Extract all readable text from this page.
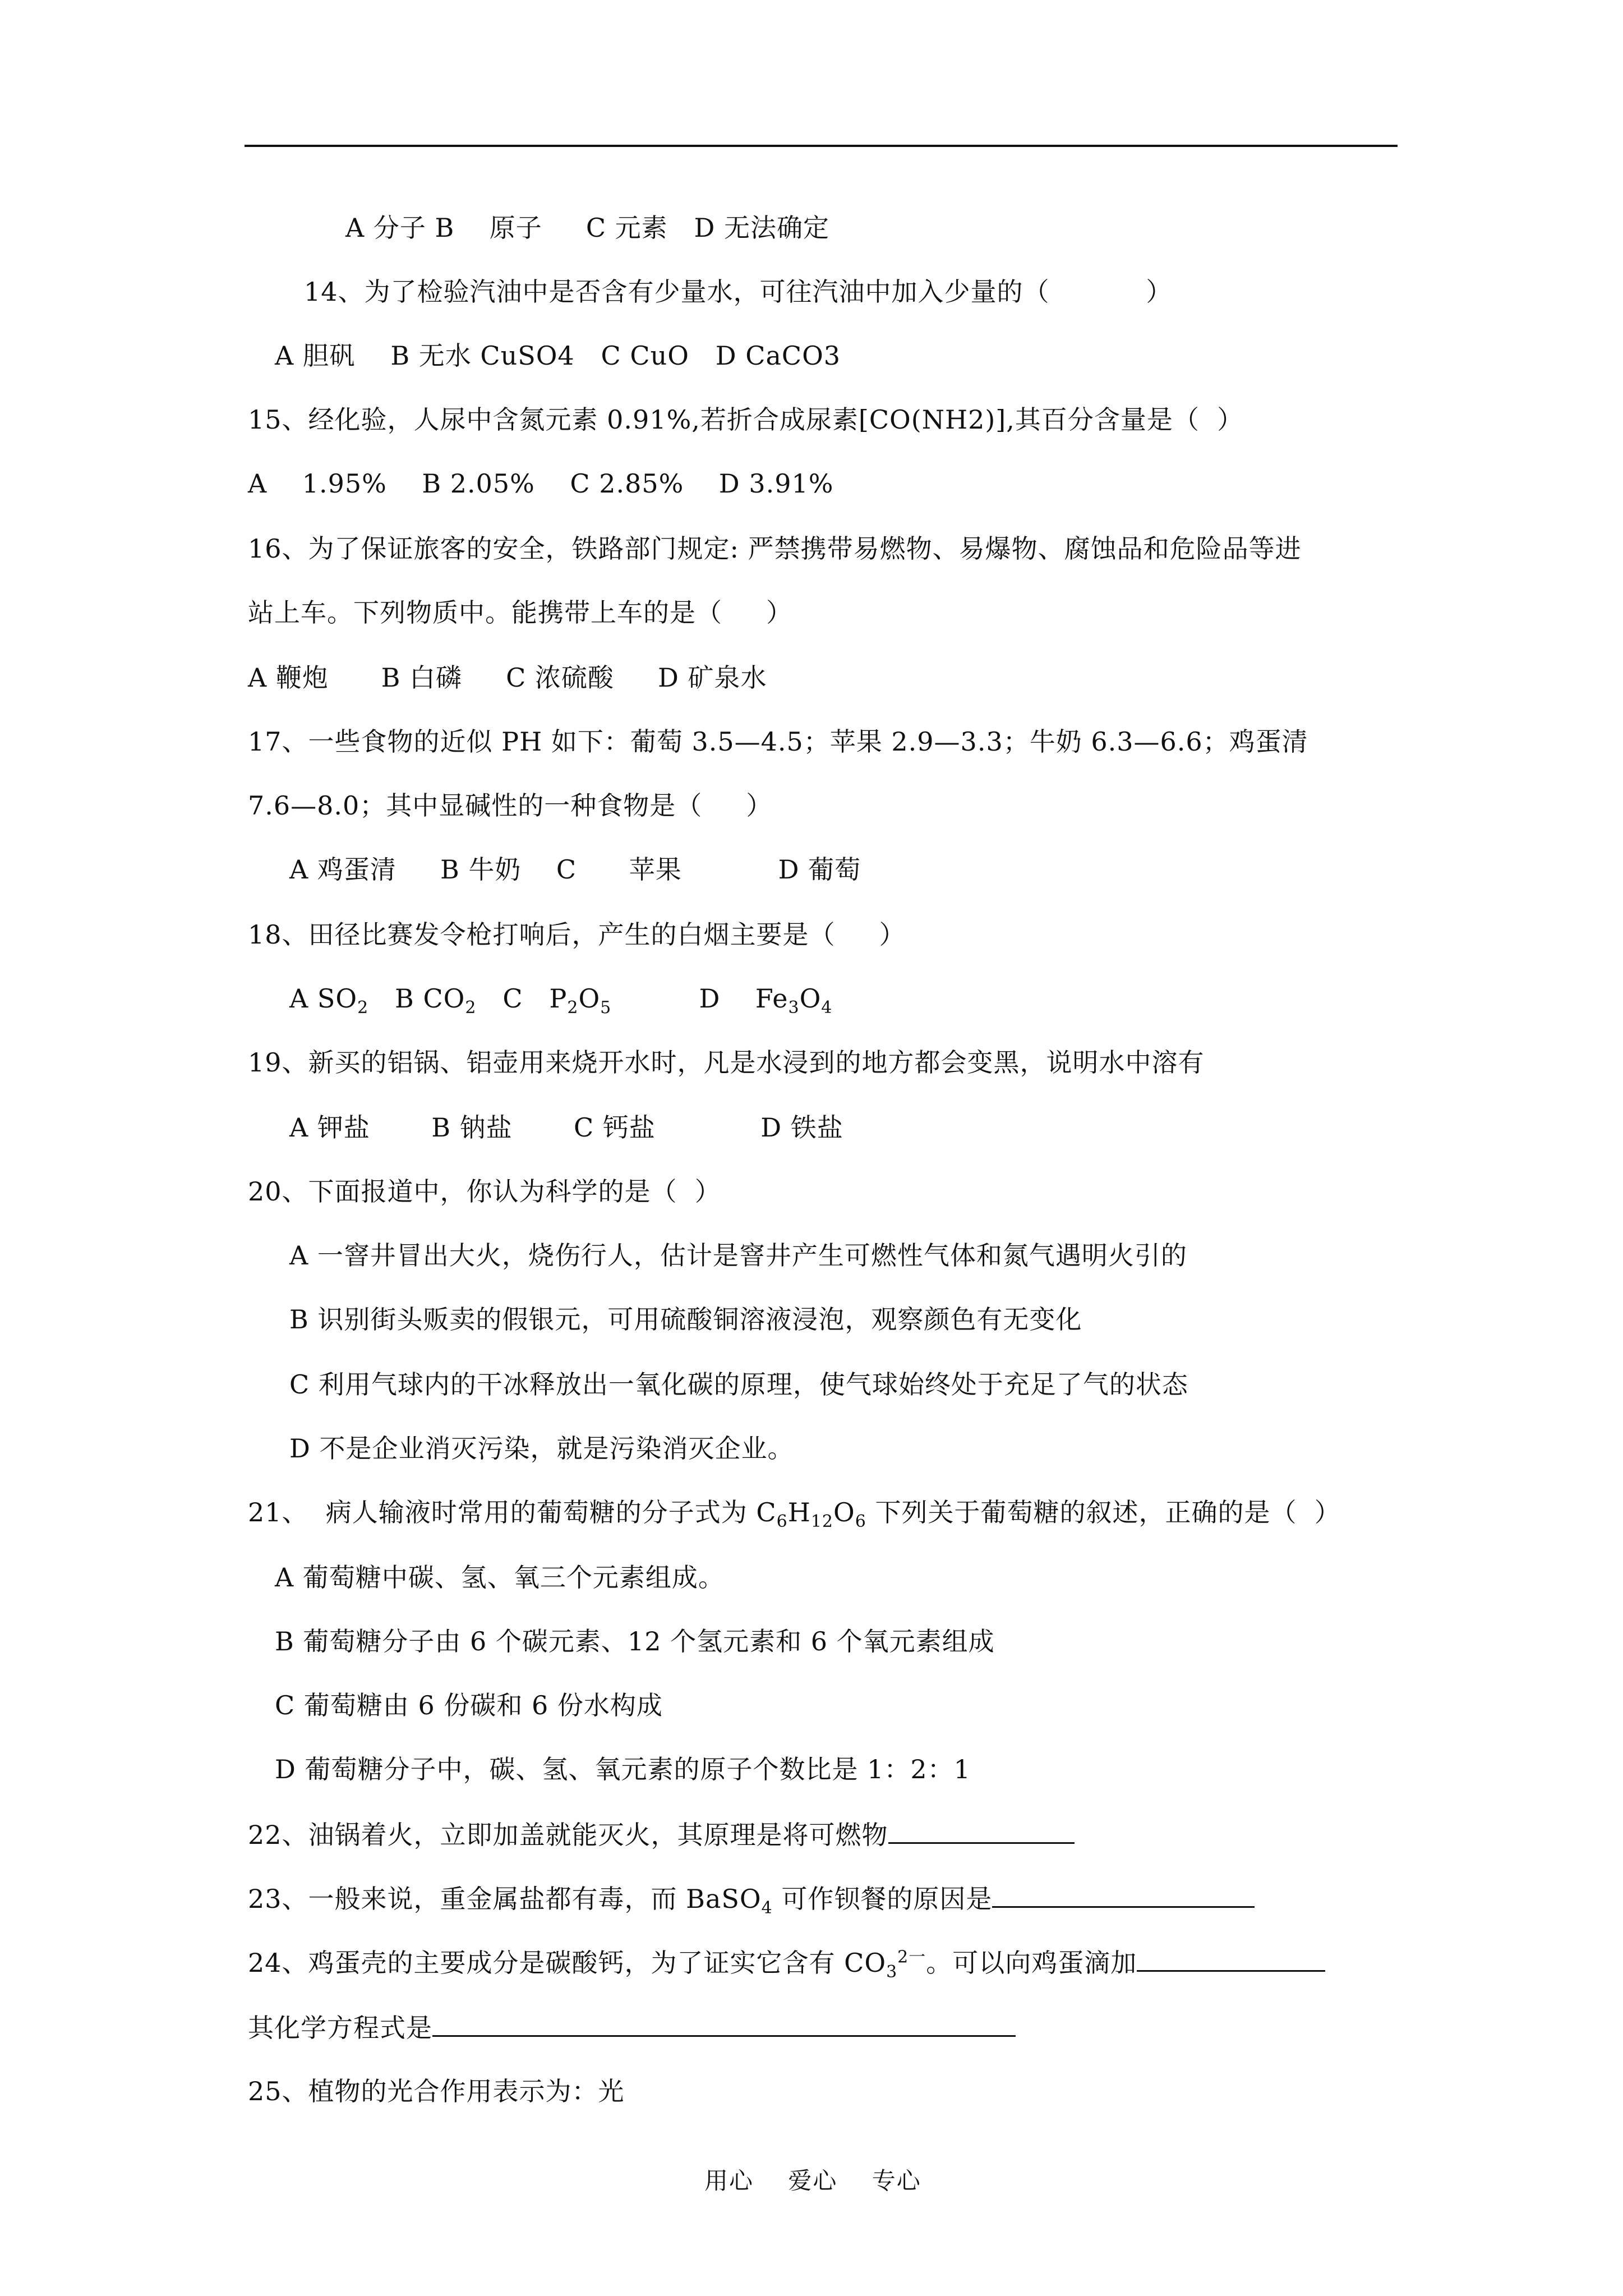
A 分子 B    原子     C 元素   D 无法确定
14、为了检验汽油中是否含有少量水，可往汽油中加入少量的（           ）
A 胆矾    B 无水 CuSO4   C CuO   D CaCO3
15、经化验，人尿中含氮元素 0.91%,若折合成尿素[CO(NH2)],其百分含量是（  ）
A    1.95%    B 2.05%    C 2.85%    D 3.91%
16、为了保证旅客的安全，铁路部门规定: 严禁携带易燃物、易爆物、腐蚀品和危险品等进
站上车。下列物质中。能携带上车的是（     ）
A 鞭炮      B 白磷     C 浓硫酸     D 矿泉水
17、一些食物的近似 PH 如下：葡萄 3.5—4.5；苹果 2.9—3.3；牛奶 6.3—6.6；鸡蛋清
7.6—8.0；其中显碱性的一种食物是（     ）
A 鸡蛋清     B 牛奶    C      苹果           D 葡萄
18、田径比赛发令枪打响后，产生的白烟主要是（     ）
A $SO_2$   B $CO_2$   C   $P_2O_5$          D    $Fe_3O_4$
19、新买的铝锅、铝壶用来烧开水时，凡是水浸到的地方都会变黑，说明水中溶有
A 钾盐       B 钠盐       C 钙盐            D 铁盐
20、下面报道中，你认为科学的是（  ）
A 一窨井冒出大火，烧伤行人，估计是窨井产生可燃性气体和氮气遇明火引的
B 识别街头贩卖的假银元，可用硫酸铜溶液浸泡，观察颜色有无变化
C 利用气球内的干冰释放出一氧化碳的原理，使气球始终处于充足了气的状态
D 不是企业消灭污染，就是污染消灭企业。
21、  病人输液时常用的葡萄糖的分子式为 $C_6H_{12}O_6$ 下列关于葡萄糖的叙述，正确的是（  ）
A 葡萄糖中碳、氢、氧三个元素组成。
B 葡萄糖分子由 6 个碳元素、12 个氢元素和 6 个氧元素组成
C 葡萄糖由 6 份碳和 6 份水构成
D 葡萄糖分子中，碳、氢、氧元素的原子个数比是 1：2：1
22、油锅着火，立即加盖就能灭火，其原理是将可燃物
23、一般来说，重金属盐都有毒，而 BaSO$_4$ 可作钡餐的原因是
24、鸡蛋壳的主要成分是碳酸钙，为了证实它含有 $CO_3^{2一}$。可以向鸡蛋滴加
其化学方程式是
25、植物的光合作用表示为：光
用心    爱心    专心
